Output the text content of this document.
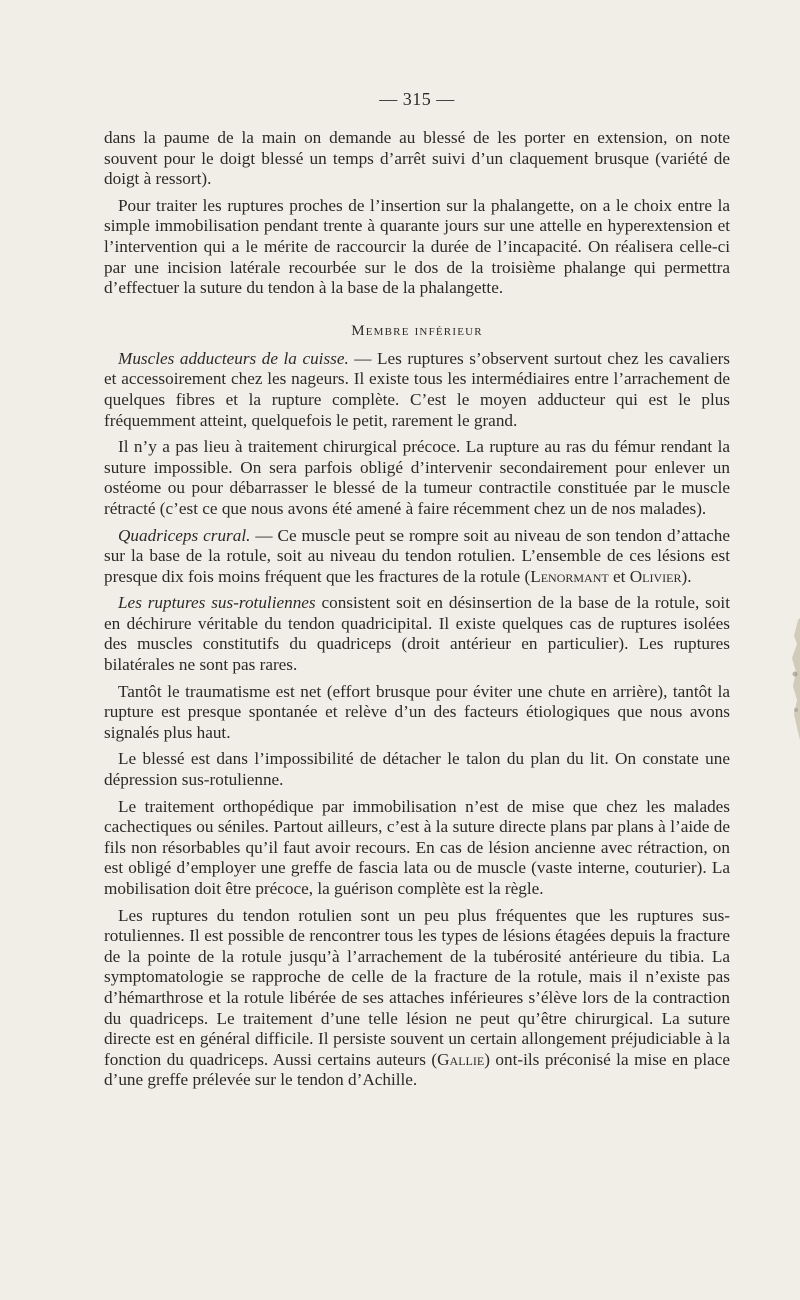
— 315 —

dans la paume de la main on demande au blessé de les porter en extension, on note souvent pour le doigt blessé un temps d’arrêt suivi d’un claquement brusque (variété de doigt à ressort).

Pour traiter les ruptures proches de l’insertion sur la phalangette, on a le choix entre la simple immobilisation pendant trente à quarante jours sur une attelle en hyperextension et l’intervention qui a le mérite de raccourcir la durée de l’incapacité. On réalisera celle-ci par une incision latérale recourbée sur le dos de la troisième phalange qui permettra d’effectuer la suture du tendon à la base de la phalangette.

Membre inférieur

Muscles adducteurs de la cuisse. — Les ruptures s’observent surtout chez les cavaliers et accessoirement chez les nageurs. Il existe tous les intermédiaires entre l’arrachement de quelques fibres et la rupture complète. C’est le moyen adducteur qui est le plus fréquemment atteint, quelquefois le petit, rarement le grand.

Il n’y a pas lieu à traitement chirurgical précoce. La rupture au ras du fémur rendant la suture impossible. On sera parfois obligé d’intervenir secondairement pour enlever un ostéome ou pour débarrasser le blessé de la tumeur contractile constituée par le muscle rétracté (c’est ce que nous avons été amené à faire récemment chez un de nos malades).

Quadriceps crural. — Ce muscle peut se rompre soit au niveau de son tendon d’attache sur la base de la rotule, soit au niveau du tendon rotulien. L’ensemble de ces lésions est presque dix fois moins fréquent que les fractures de la rotule (Lenormant et Olivier).

Les ruptures sus-rotuliennes consistent soit en désinsertion de la base de la rotule, soit en déchirure véritable du tendon quadricipital. Il existe quelques cas de ruptures isolées des muscles constitutifs du quadriceps (droit antérieur en particulier). Les ruptures bilatérales ne sont pas rares.

Tantôt le traumatisme est net (effort brusque pour éviter une chute en arrière), tantôt la rupture est presque spontanée et relève d’un des facteurs étiologiques que nous avons signalés plus haut.

Le blessé est dans l’impossibilité de détacher le talon du plan du lit. On constate une dépression sus-rotulienne.

Le traitement orthopédique par immobilisation n’est de mise que chez les malades cachectiques ou séniles. Partout ailleurs, c’est à la suture directe plans par plans à l’aide de fils non résorbables qu’il faut avoir recours. En cas de lésion ancienne avec rétraction, on est obligé d’employer une greffe de fascia lata ou de muscle (vaste interne, couturier). La mobilisation doit être précoce, la guérison complète est la règle.

Les ruptures du tendon rotulien sont un peu plus fréquentes que les ruptures sus-rotuliennes. Il est possible de rencontrer tous les types de lésions étagées depuis la fracture de la pointe de la rotule jusqu’à l’arrachement de la tubérosité antérieure du tibia. La symptomatologie se rapproche de celle de la fracture de la rotule, mais il n’existe pas d’hémarthrose et la rotule libérée de ses attaches inférieures s’élève lors de la contraction du quadriceps. Le traitement d’une telle lésion ne peut qu’être chirurgical. La suture directe est en général difficile. Il persiste souvent un certain allongement préjudiciable à la fonction du quadriceps. Aussi certains auteurs (Gallie) ont-ils préconisé la mise en place d’une greffe prélevée sur le tendon d’Achille.
